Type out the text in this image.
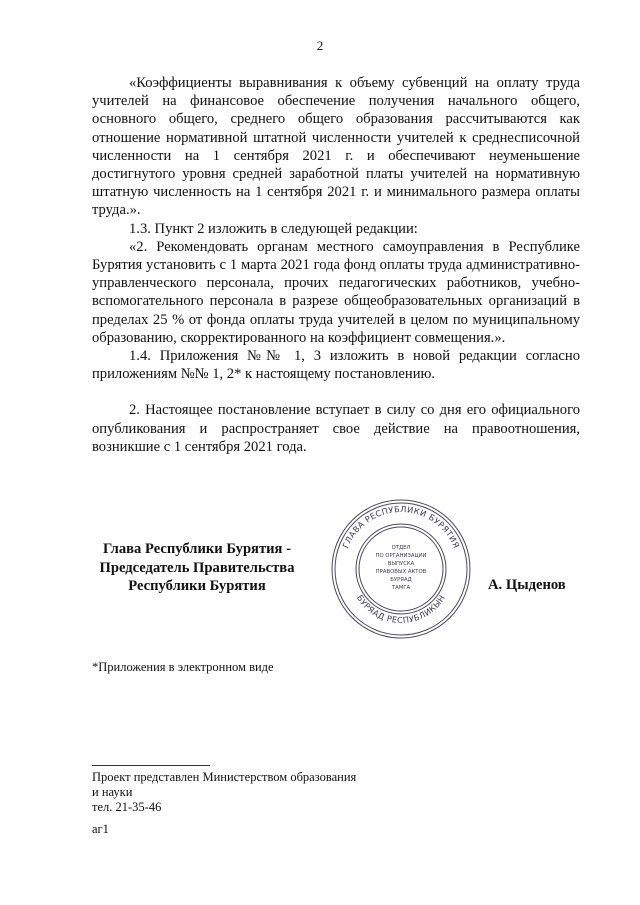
2

«Коэффициенты выравнивания к объему субвенций на оплату труда учителей на финансовое обеспечение получения начального общего, основного общего, среднего общего образования рассчитываются как отношение нормативной штатной численности учителей к среднесписочной численности на 1 сентября 2021 г. и обеспечивают неуменьшение достигнутого уровня средней заработной платы учителей на нормативную штатную численность на 1 сентября 2021 г. и минимального размера оплаты труда.».

1.3. Пункт 2 изложить в следующей редакции:

«2. Рекомендовать органам местного самоуправления в Республике Бурятия установить с 1 марта 2021 года фонд оплаты труда административно-управленческого персонала, прочих педагогических работников, учебно-вспомогательного персонала в разрезе общеобразовательных организаций в пределах 25 % от фонда оплаты труда учителей в целом по муниципальному образованию, скорректированного на коэффициент совмещения.».

1.4. Приложения №№ 1, 3 изложить в новой редакции согласно приложениям №№ 1, 2* к настоящему постановлению.

2. Настоящее постановление вступает в силу со дня его официального опубликования и распространяет свое действие на правоотношения, возникшие с 1 сентября 2021 года.

Глава Республики Бурятия -
Председатель Правительства
Республики Бурятия
ГЛАВА РЕСПУБЛИКИ БУРЯТИЯ
БУРЯАД РЕСПУБЛИКЫН
ОТДЕЛ
ПО ОРГАНИЗАЦИИ
ВЫПУСКА
ПРАВОВЫХ АКТОВ
БУРЯАД
ТАМГА	А. Цыденов
*Приложения в электронном виде
Проект представлен Министерством образования
и науки
тел. 21-35-46
аг1
